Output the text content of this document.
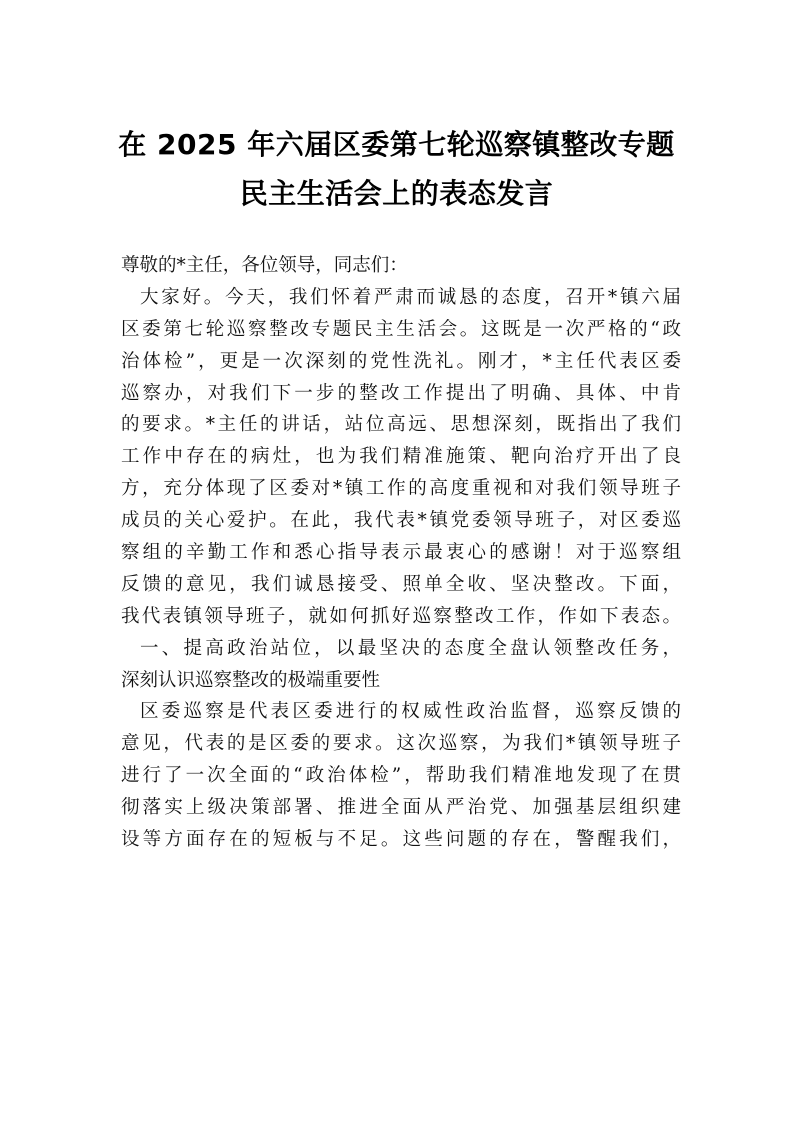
在 2025 年六届区委第七轮巡察镇整改专题
民主生活会上的表态发言
尊敬的*主任，各位领导，同志们：
大家好。今天，我们怀着严肃而诚恳的态度，召开*镇六届
区委第七轮巡察整改专题民主生活会。这既是一次严格的“政
治体检”，更是一次深刻的党性洗礼。刚才，*主任代表区委
巡察办，对我们下一步的整改工作提出了明确、具体、中肯
的要求。*主任的讲话，站位高远、思想深刻，既指出了我们
工作中存在的病灶，也为我们精准施策、靶向治疗开出了良
方，充分体现了区委对*镇工作的高度重视和对我们领导班子
成员的关心爱护。在此，我代表*镇党委领导班子，对区委巡
察组的辛勤工作和悉心指导表示最衷心的感谢！对于巡察组
反馈的意见，我们诚恳接受、照单全收、坚决整改。下面，
我代表镇领导班子，就如何抓好巡察整改工作，作如下表态。
一、提高政治站位，以最坚决的态度全盘认领整改任务，
深刻认识巡察整改的极端重要性
区委巡察是代表区委进行的权威性政治监督，巡察反馈的
意见，代表的是区委的要求。这次巡察，为我们*镇领导班子
进行了一次全面的“政治体检”，帮助我们精准地发现了在贯
彻落实上级决策部署、推进全面从严治党、加强基层组织建
设等方面存在的短板与不足。这些问题的存在，警醒我们，
